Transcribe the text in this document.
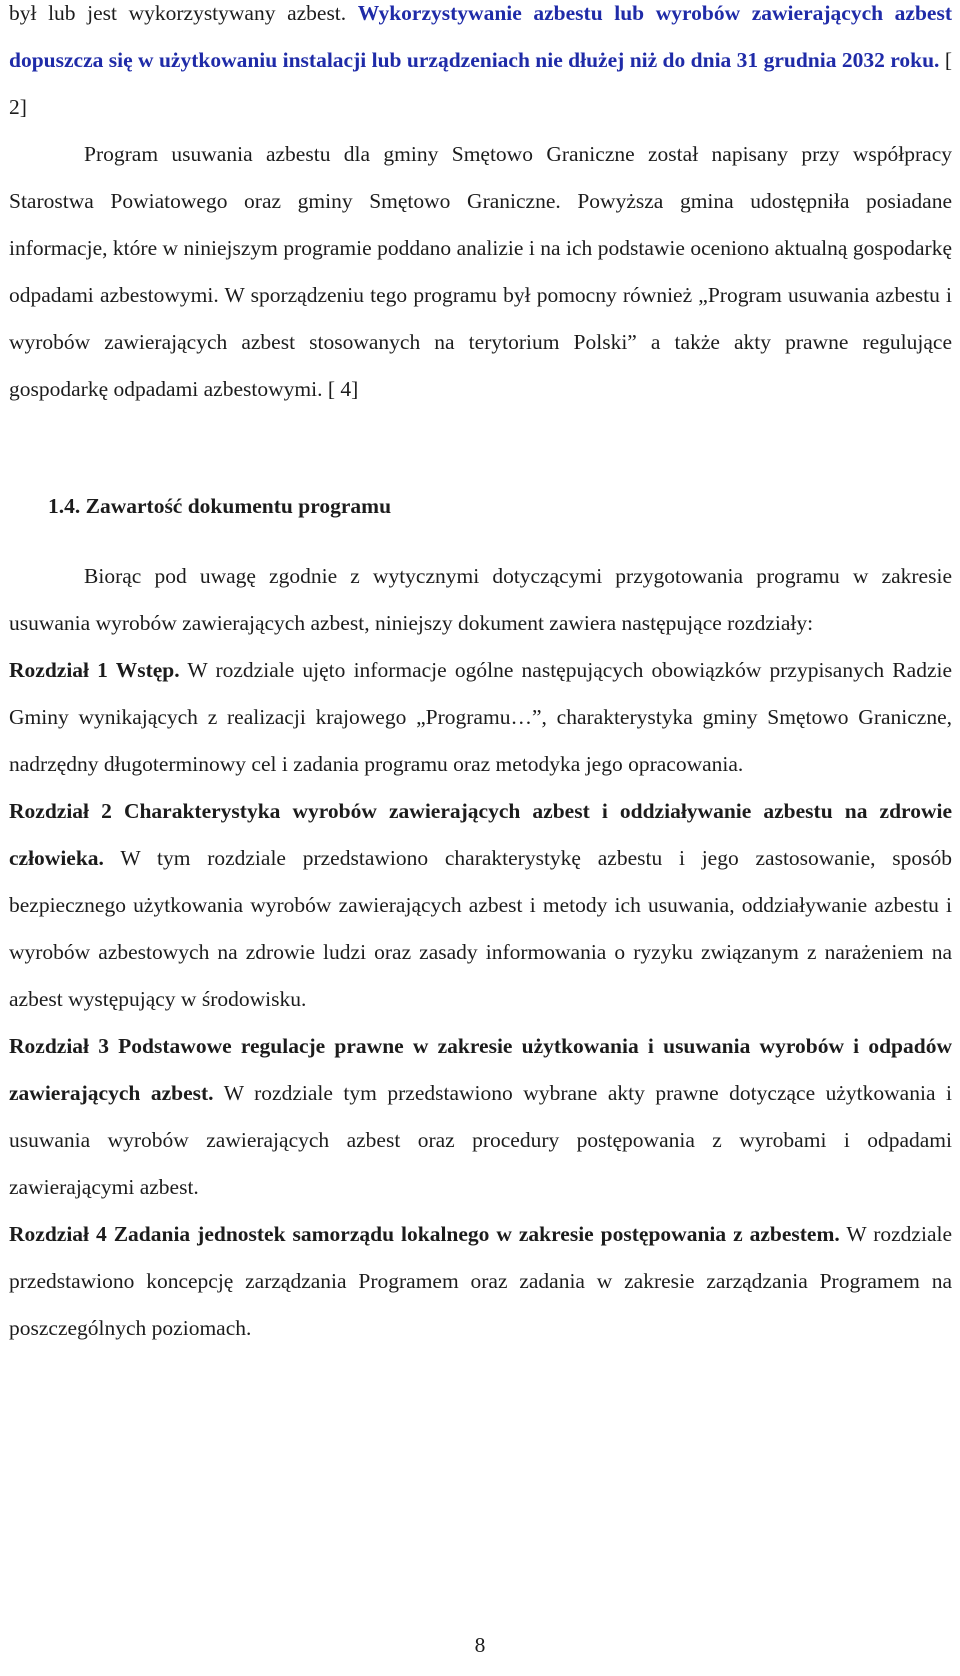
był lub jest wykorzystywany azbest. Wykorzystywanie azbestu lub wyrobów zawierających azbest dopuszcza się w użytkowaniu instalacji lub urządzeniach nie dłużej niż do dnia 31 grudnia 2032 roku. [ 2]

Program usuwania azbestu dla gminy Smętowo Graniczne został napisany przy współpracy Starostwa Powiatowego oraz gminy Smętowo Graniczne. Powyższa gmina udostępniła posiadane informacje, które w niniejszym programie poddano analizie i na ich podstawie oceniono aktualną gospodarkę odpadami azbestowymi. W sporządzeniu tego programu był pomocny również „Program usuwania azbestu i wyrobów zawierających azbest stosowanych na terytorium Polski” a także akty prawne regulujące gospodarkę odpadami azbestowymi. [ 4]

1.4. Zawartość dokumentu programu

Biorąc pod uwagę zgodnie z wytycznymi dotyczącymi przygotowania programu w zakresie usuwania wyrobów zawierających azbest, niniejszy dokument zawiera następujące rozdziały:

Rozdział 1 Wstęp. W rozdziale ujęto informacje ogólne następujących obowiązków przypisanych Radzie Gminy wynikających z realizacji krajowego „Programu…”, charakterystyka gminy Smętowo Graniczne, nadrzędny długoterminowy cel i zadania programu oraz metodyka jego opracowania.

Rozdział 2 Charakterystyka wyrobów zawierających azbest i oddziaływanie azbestu na zdrowie człowieka. W tym rozdziale przedstawiono charakterystykę azbestu i jego zastosowanie, sposób bezpiecznego użytkowania wyrobów zawierających azbest i metody ich usuwania, oddziaływanie azbestu i wyrobów azbestowych na zdrowie ludzi oraz zasady informowania o ryzyku związanym z narażeniem na azbest występujący w środowisku.

Rozdział 3 Podstawowe regulacje prawne w zakresie użytkowania i usuwania wyrobów i odpadów zawierających azbest. W rozdziale tym przedstawiono wybrane akty prawne dotyczące użytkowania i usuwania wyrobów zawierających azbest oraz procedury postępowania z wyrobami i odpadami zawierającymi azbest.

Rozdział 4 Zadania jednostek samorządu lokalnego w zakresie postępowania z azbestem. W rozdziale przedstawiono koncepcję zarządzania Programem oraz zadania w zakresie zarządzania Programem na poszczególnych poziomach.

8
